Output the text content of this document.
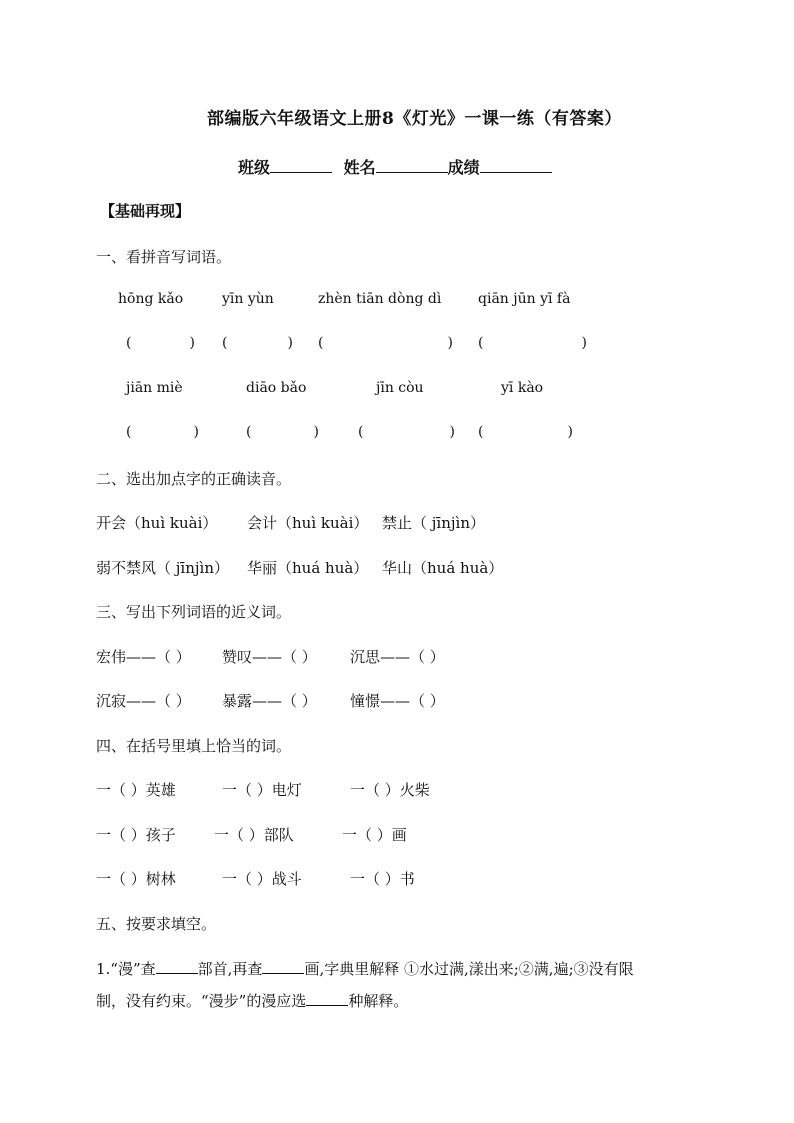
部编版六年级语文上册8《灯光》一课一练（有答案）
班级	姓名	成绩
【基础再现】
一、看拼音写词语。
hōng kǎo	yīn yùn	zhèn tiān dòng dì	qiān jūn yī fà
(	) (	) (	) (	)
jiān miè	diāo bǎo	jīn còu	yī kào
(	)	(	)	(	) (	)
二、选出加点字的正确读音。
开会（huì kuài） 会计（huì kuài） 禁止（ jīnjìn）
弱不禁风（ jīnjìn） 华丽（huá huà） 华山（huá huà）
三、写出下列词语的近义词。
宏伟——（ ） 赞叹——（ ） 沉思——（ ）
沉寂——（ ） 暴露——（ ） 憧憬——（ ）
四、在括号里填上恰当的词。
一（ ）英雄	一（ ）电灯	一（ ）火柴
一（ ）孩子	一（ ）部队	一（ ）画
一（ ）树林	一（ ）战斗	一（ ）书
五、按要求填空。
1.“漫”查	部首,再查	画,字典里解释 ①水过满,漾出来;②满,遍;③没有限
制，没有约束。“漫步”的漫应选	种解释。
